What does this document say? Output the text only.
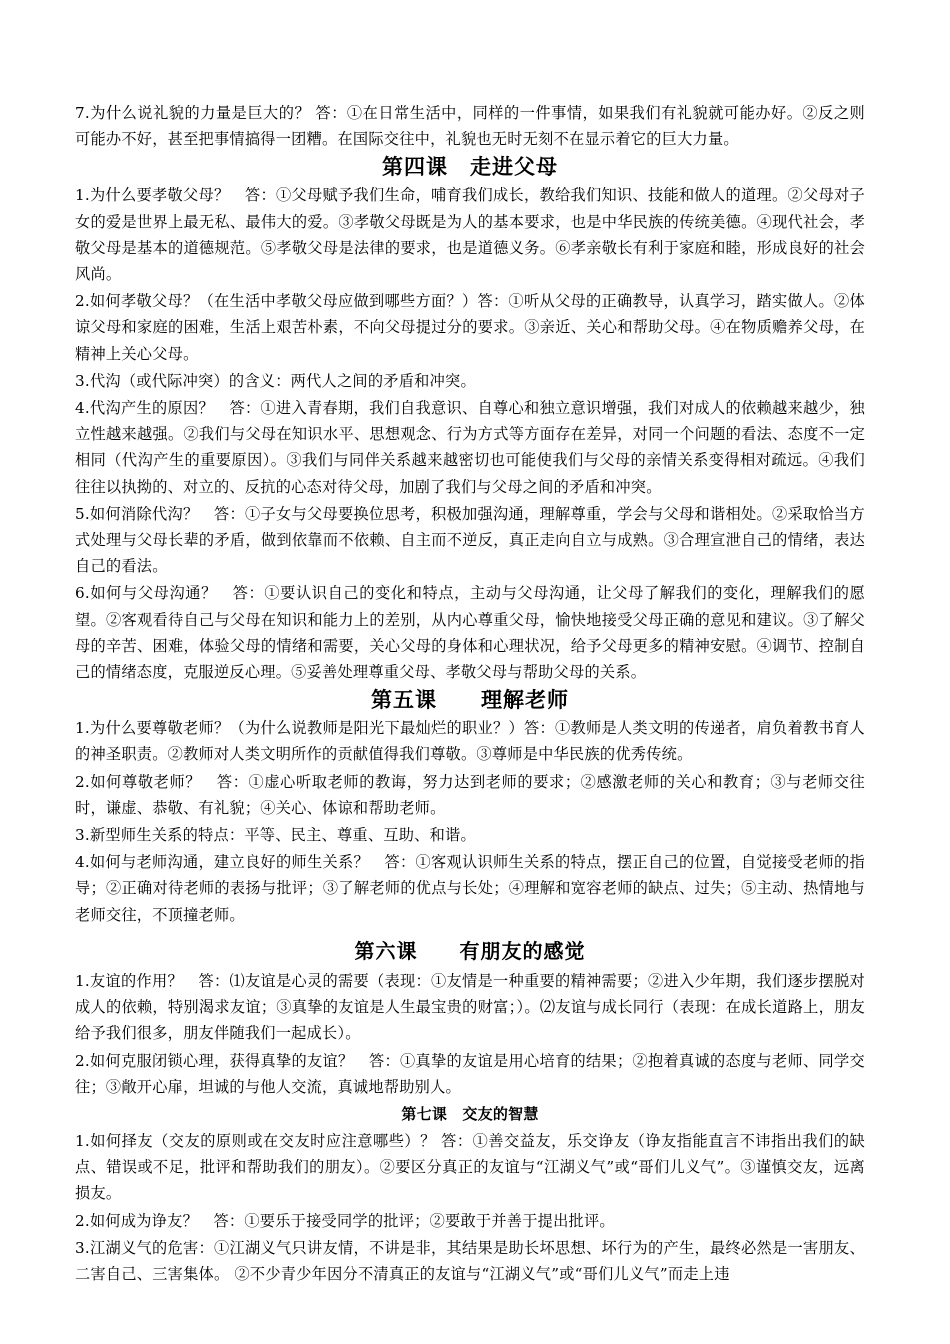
7.为什么说礼貌的力量是巨大的？ 答：①在日常生活中，同样的一件事情，如果我们有礼貌就可能办好。②反之则可能办不好，甚至把事情搞得一团糟。在国际交往中，礼貌也无时无刻不在显示着它的巨大力量。

第四课　走进父母

1.为什么要孝敬父母？　答：①父母赋予我们生命，哺育我们成长，教给我们知识、技能和做人的道理。②父母对子女的爱是世界上最无私、最伟大的爱。③孝敬父母既是为人的基本要求，也是中华民族的传统美德。④现代社会，孝敬父母是基本的道德规范。⑤孝敬父母是法律的要求，也是道德义务。⑥孝亲敬长有利于家庭和睦，形成良好的社会风尚。

2.如何孝敬父母？（在生活中孝敬父母应做到哪些方面？）答：①听从父母的正确教导，认真学习，踏实做人。②体谅父母和家庭的困难，生活上艰苦朴素，不向父母提过分的要求。③亲近、关心和帮助父母。④在物质赡养父母，在精神上关心父母。

3.代沟（或代际冲突）的含义：两代人之间的矛盾和冲突。

4.代沟产生的原因？　答：①进入青春期，我们自我意识、自尊心和独立意识增强，我们对成人的依赖越来越少，独立性越来越强。②我们与父母在知识水平、思想观念、行为方式等方面存在差异，对同一个问题的看法、态度不一定相同（代沟产生的重要原因）。③我们与同伴关系越来越密切也可能使我们与父母的亲情关系变得相对疏远。④我们往往以执拗的、对立的、反抗的心态对待父母，加剧了我们与父母之间的矛盾和冲突。

5.如何消除代沟？　答：①子女与父母要换位思考，积极加强沟通，理解尊重，学会与父母和谐相处。②采取恰当方式处理与父母长辈的矛盾，做到依靠而不依赖、自主而不逆反，真正走向自立与成熟。③合理宣泄自己的情绪，表达自己的看法。

6.如何与父母沟通？　答：①要认识自己的变化和特点，主动与父母沟通，让父母了解我们的变化，理解我们的愿望。②客观看待自己与父母在知识和能力上的差别，从内心尊重父母，愉快地接受父母正确的意见和建议。③了解父母的辛苦、困难，体验父母的情绪和需要，关心父母的身体和心理状况，给予父母更多的精神安慰。④调节、控制自己的情绪态度，克服逆反心理。⑤妥善处理尊重父母、孝敬父母与帮助父母的关系。

第五课　　理解老师

1.为什么要尊敬老师？（为什么说教师是阳光下最灿烂的职业？）答：①教师是人类文明的传递者，肩负着教书育人的神圣职责。②教师对人类文明所作的贡献值得我们尊敬。③尊师是中华民族的优秀传统。

2.如何尊敬老师？　答：①虚心听取老师的教诲，努力达到老师的要求；②感激老师的关心和教育；③与老师交往时，谦虚、恭敬、有礼貌；④关心、体谅和帮助老师。

3.新型师生关系的特点：平等、民主、尊重、互助、和谐。

4.如何与老师沟通，建立良好的师生关系？　答：①客观认识师生关系的特点，摆正自己的位置，自觉接受老师的指导；②正确对待老师的表扬与批评；③了解老师的优点与长处；④理解和宽容老师的缺点、过失；⑤主动、热情地与老师交往，不顶撞老师。

第六课　　有朋友的感觉

1.友谊的作用？　答：⑴友谊是心灵的需要（表现：①友情是一种重要的精神需要；②进入少年期，我们逐步摆脱对成人的依赖，特别渴求友谊；③真挚的友谊是人生最宝贵的财富；）。⑵友谊与成长同行（表现：在成长道路上，朋友给予我们很多，朋友伴随我们一起成长）。

2.如何克服闭锁心理，获得真挚的友谊？　答：①真挚的友谊是用心培育的结果；②抱着真诚的态度与老师、同学交往；③敞开心扉，坦诚的与他人交流，真诚地帮助别人。

第七课　交友的智慧

1.如何择友（交友的原则或在交友时应注意哪些）？ 答：①善交益友，乐交诤友（诤友指能直言不讳指出我们的缺点、错误或不足，批评和帮助我们的朋友）。②要区分真正的友谊与“江湖义气”或“哥们儿义气”。③谨慎交友，远离损友。

2.如何成为诤友？　答：①要乐于接受同学的批评；②要敢于并善于提出批评。

3.江湖义气的危害：①江湖义气只讲友情，不讲是非，其结果是助长坏思想、坏行为的产生，最终必然是一害朋友、二害自己、三害集体。 ②不少青少年因分不清真正的友谊与“江湖义气”或“哥们儿义气”而走上违
